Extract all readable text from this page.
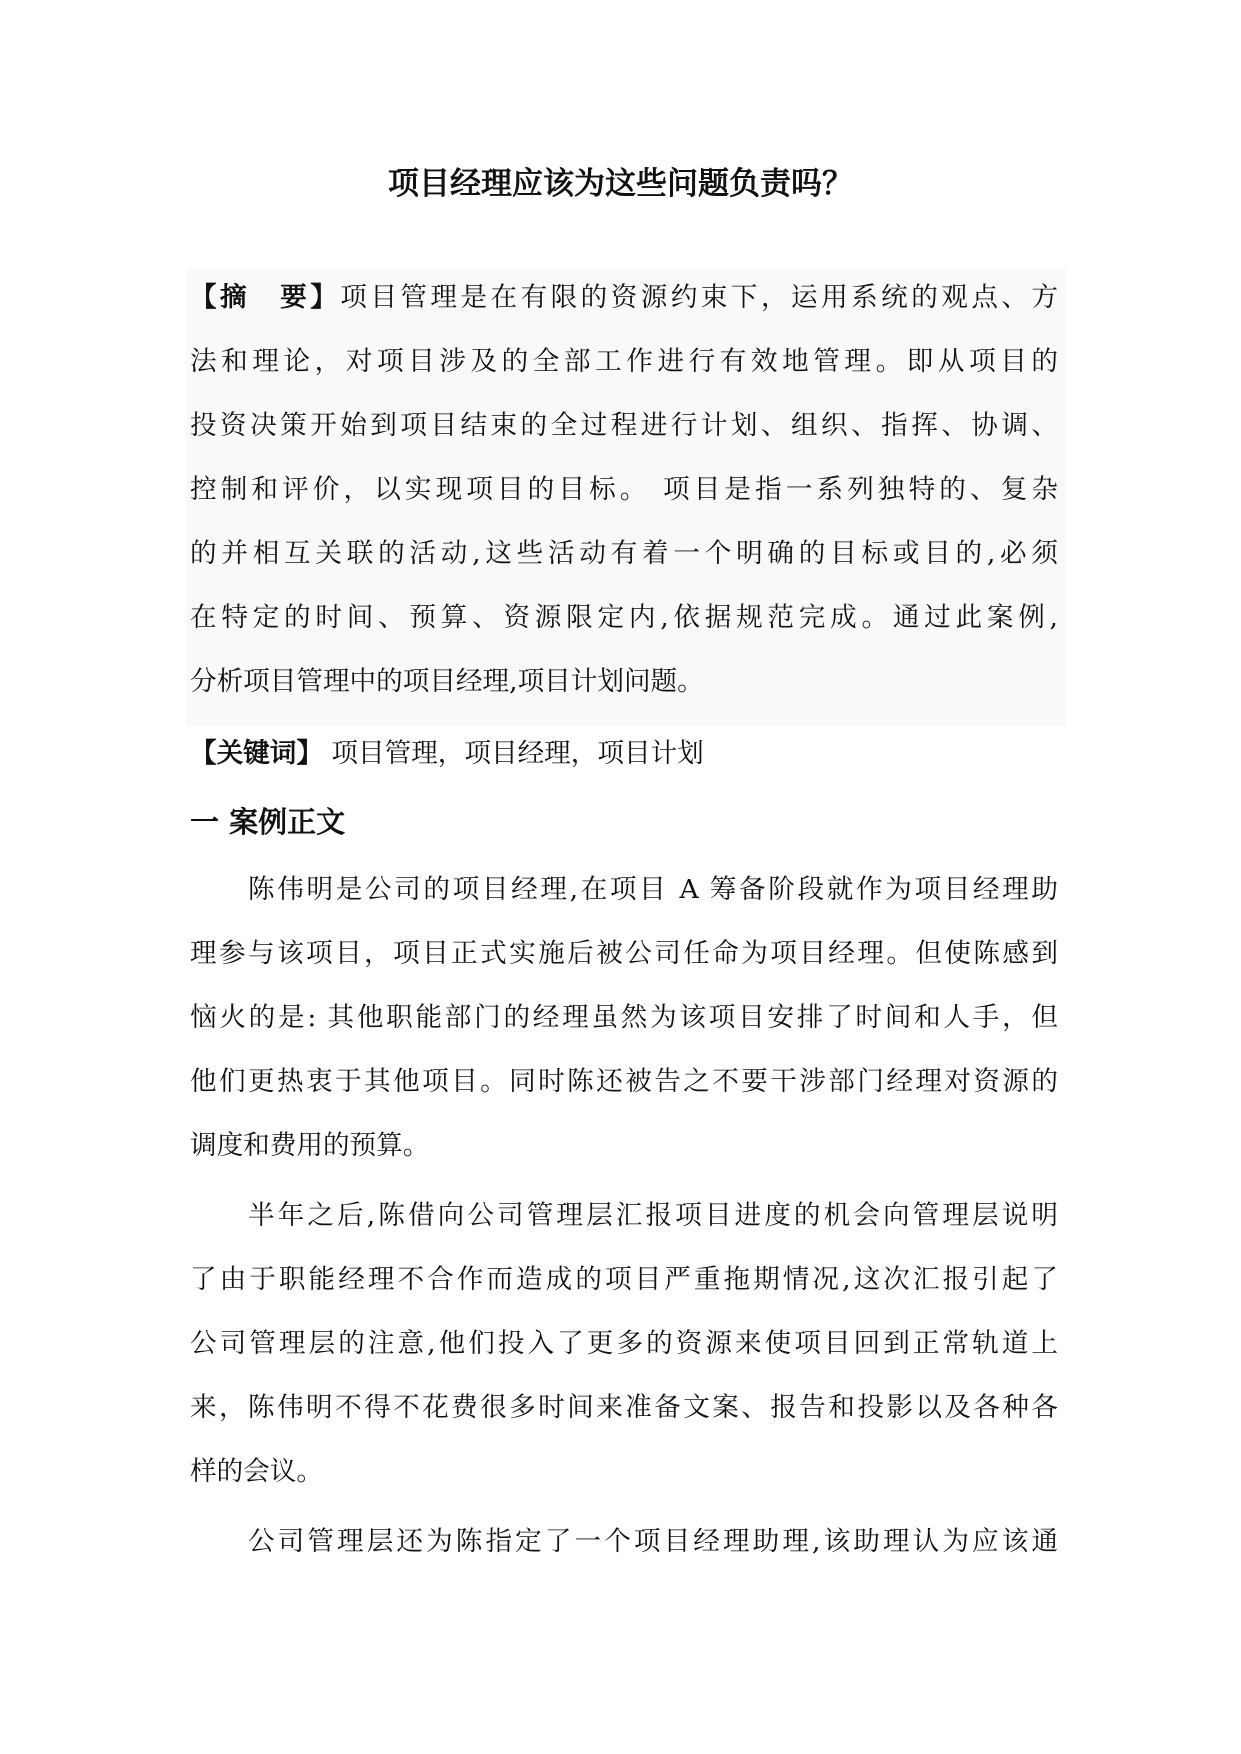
项目经理应该为这些问题负责吗？
【摘　要】项目管理是在有限的资源约束下，运用系统的观点、方
法和理论，对项目涉及的全部工作进行有效地管理。即从项目的
投资决策开始到项目结束的全过程进行计划、组织、指挥、协调、
控制和评价，以实现项目的目标。 项目是指一系列独特的、复杂
的并相互关联的活动,这些活动有着一个明确的目标或目的,必须
在特定的时间、预算、资源限定内,依据规范完成。通过此案例,
分析项目管理中的项目经理,项目计划问题。
【关键词】 项目管理，项目经理，项目计划
一 案例正文
陈伟明是公司的项目经理,在项目 A 筹备阶段就作为项目经理助
理参与该项目，项目正式实施后被公司任命为项目经理。但使陈感到
恼火的是: 其他职能部门的经理虽然为该项目安排了时间和人手，但
他们更热衷于其他项目。同时陈还被告之不要干涉部门经理对资源的
调度和费用的预算。
半年之后,陈借向公司管理层汇报项目进度的机会向管理层说明
了由于职能经理不合作而造成的项目严重拖期情况,这次汇报引起了
公司管理层的注意,他们投入了更多的资源来使项目回到正常轨道上
来，陈伟明不得不花费很多时间来准备文案、报告和投影以及各种各
样的会议。
公司管理层还为陈指定了一个项目经理助理,该助理认为应该通
